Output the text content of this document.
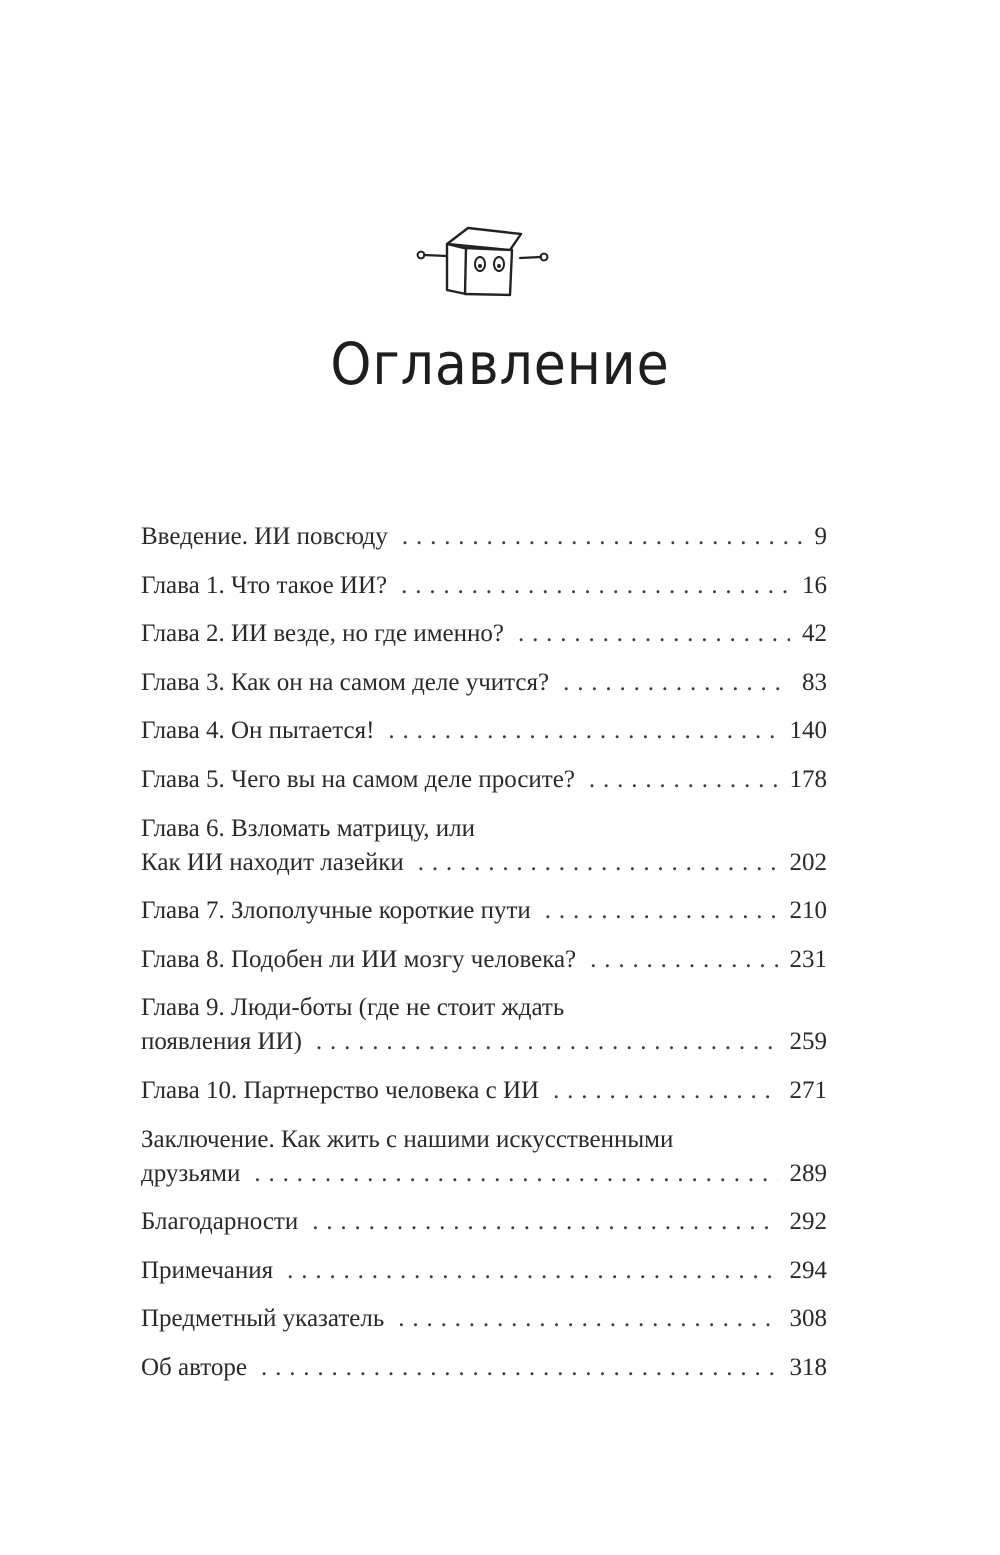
Оглавление
Введение. ИИ повсюду . . .	9
Глава 1. Что такое ИИ? . . .	16
Глава 2. ИИ везде, но где именно? . . .	42
Глава 3. Как он на самом деле учится? . . .	83
Глава 4. Он пытается! . . .	140
Глава 5. Чего вы на самом деле просите? . . .	178
Глава 6. Взломать матрицу, или
Как ИИ находит лазейки . . .	202
Глава 7. Злополучные короткие пути . . .	210
Глава 8. Подобен ли ИИ мозгу человека? . . .	231
Глава 9. Люди-боты (где не стоит ждать
появления ИИ) . . .	259
Глава 10. Партнерство человека с ИИ . . .	271
Заключение. Как жить с нашими искусственными
друзьями . . .	289
Благодарности . . .	292
Примечания . . .	294
Предметный указатель . . .	308
Об авторе . . .	318
